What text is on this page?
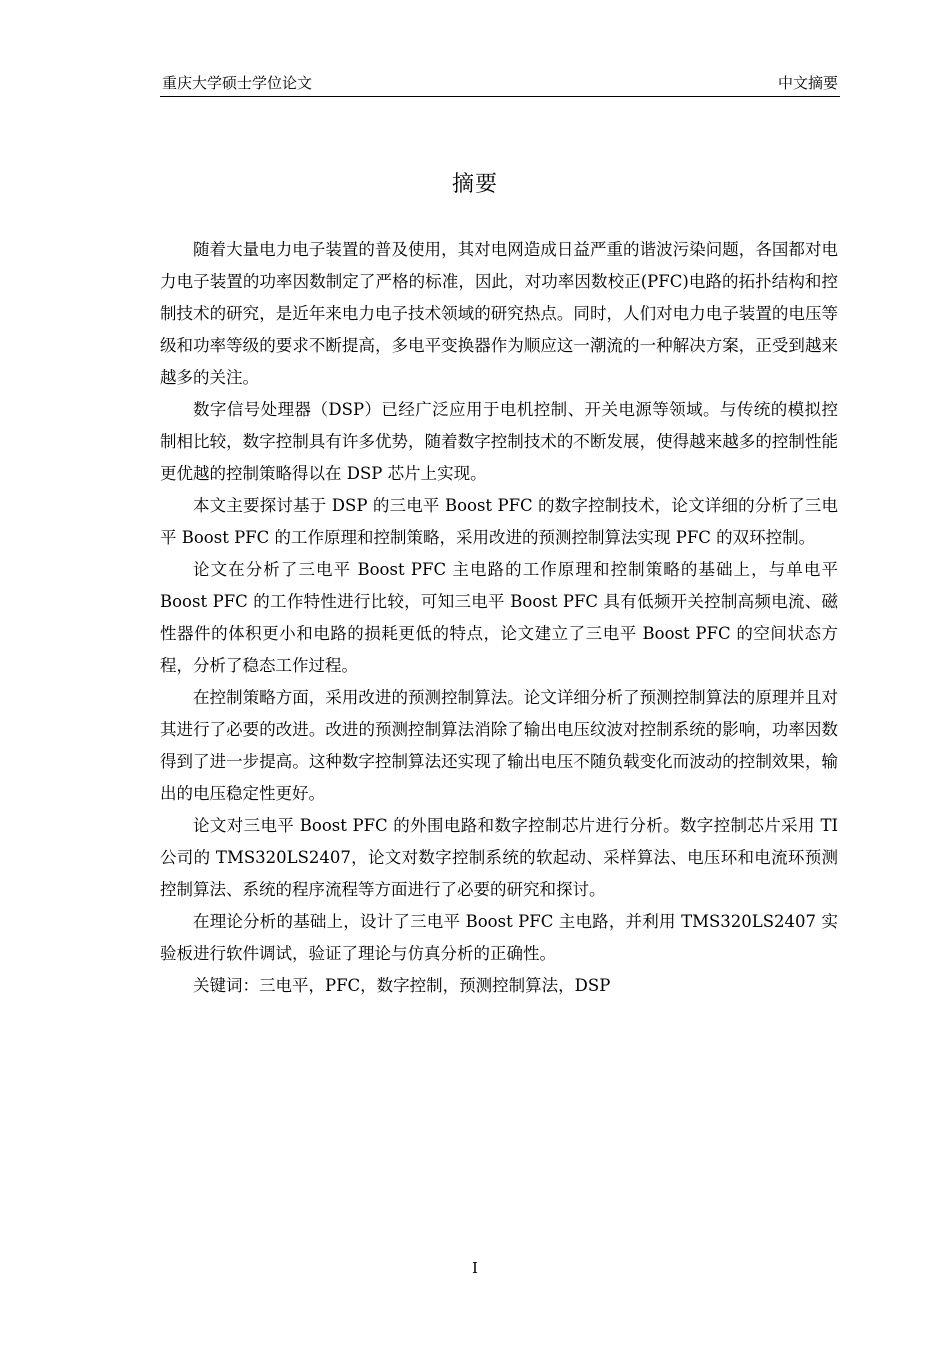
重庆大学硕士学位论文	中文摘要
摘要

随着大量电力电子装置的普及使用，其对电网造成日益严重的谐波污染问题，各国都对电力电子装置的功率因数制定了严格的标准，因此，对功率因数校正(PFC)电路的拓扑结构和控制技术的研究，是近年来电力电子技术领域的研究热点。同时，人们对电力电子装置的电压等级和功率等级的要求不断提高，多电平变换器作为顺应这一潮流的一种解决方案，正受到越来越多的关注。

数字信号处理器（DSP）已经广泛应用于电机控制、开关电源等领域。与传统的模拟控制相比较，数字控制具有许多优势，随着数字控制技术的不断发展，使得越来越多的控制性能更优越的控制策略得以在 DSP 芯片上实现。

本文主要探讨基于 DSP 的三电平 Boost PFC 的数字控制技术，论文详细的分析了三电平 Boost PFC 的工作原理和控制策略，采用改进的预测控制算法实现 PFC 的双环控制。

论文在分析了三电平 Boost PFC 主电路的工作原理和控制策略的基础上，与单电平 Boost PFC 的工作特性进行比较，可知三电平 Boost PFC 具有低频开关控制高频电流、磁性器件的体积更小和电路的损耗更低的特点，论文建立了三电平 Boost PFC 的空间状态方程，分析了稳态工作过程。

在控制策略方面，采用改进的预测控制算法。论文详细分析了预测控制算法的原理并且对其进行了必要的改进。改进的预测控制算法消除了输出电压纹波对控制系统的影响，功率因数得到了进一步提高。这种数字控制算法还实现了输出电压不随负载变化而波动的控制效果，输出的电压稳定性更好。

论文对三电平 Boost PFC 的外围电路和数字控制芯片进行分析。数字控制芯片采用 TI 公司的 TMS320LS2407，论文对数字控制系统的软起动、采样算法、电压环和电流环预测控制算法、系统的程序流程等方面进行了必要的研究和探讨。

在理论分析的基础上，设计了三电平 Boost PFC 主电路，并利用 TMS320LS2407 实验板进行软件调试，验证了理论与仿真分析的正确性。

关键词：三电平，PFC，数字控制，预测控制算法，DSP

I
